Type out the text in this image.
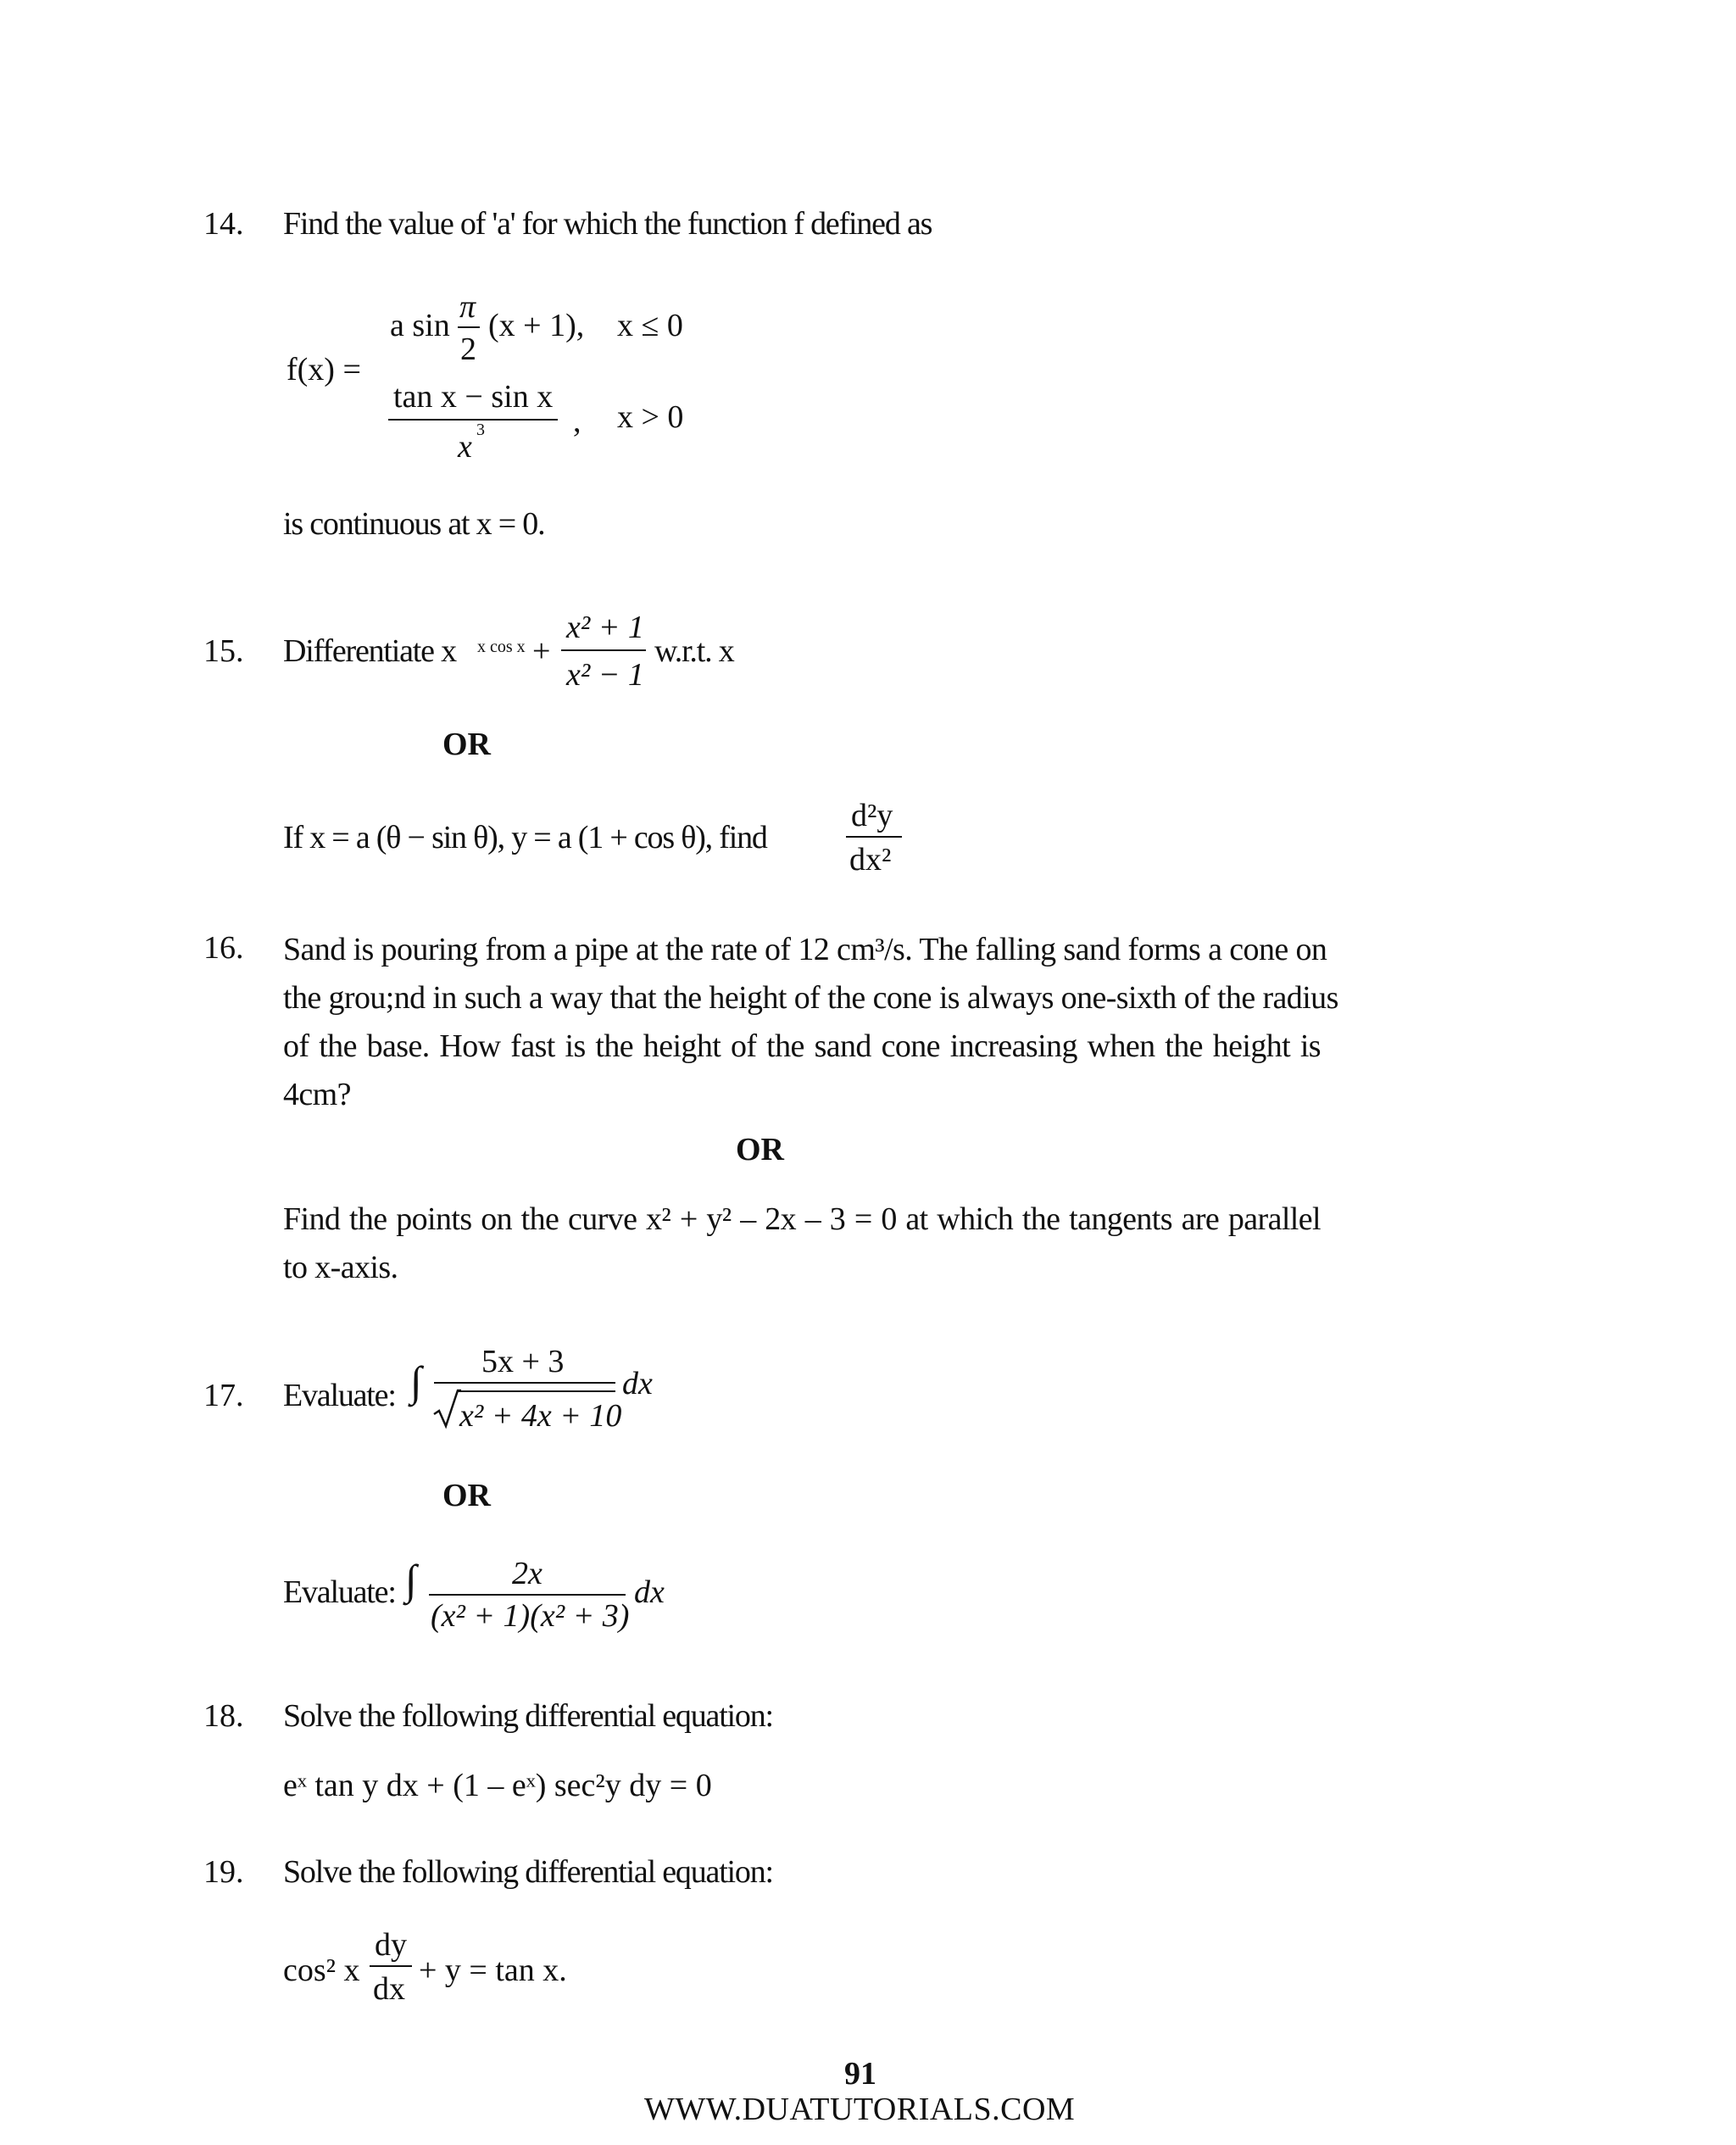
14. Find the value of 'a' for which the function f defined as
f(x) =
a sin
π
2
(x + 1), x ≤ 0
tan x − sin x
x 3	, x > 0
is continuous at x = 0.
15. Differentiate x x cos x +
x² + 1
x² − 1
w.r.t. x
OR
If x = a (θ − sin θ), y = a (1 + cos θ), find
d²y
dx²
16. Sand is pouring from a pipe at the rate of 12 cm³/s. The falling sand forms a cone on
the grou;nd in such a way that the height of the cone is always one-sixth of the radius
of the base. How fast is the height of the sand cone increasing when the height is
4cm?
OR
Find the points on the curve x² + y² – 2x – 3 = 0 at which the tangents are parallel
to x-axis.
17. Evaluate: ∫ 5x + 3
x² + 4x + 10
dx
OR
Evaluate: ∫	2x
(x² + 1)(x² + 3)
dx
18. Solve the following differential equation:
eˣ tan y dx + (1 – eˣ) sec²y dy = 0
19. Solve the following differential equation:
cos² x
dy
dx
+ y = tan x.
91
WWW.DUATUTORIALS.COM
